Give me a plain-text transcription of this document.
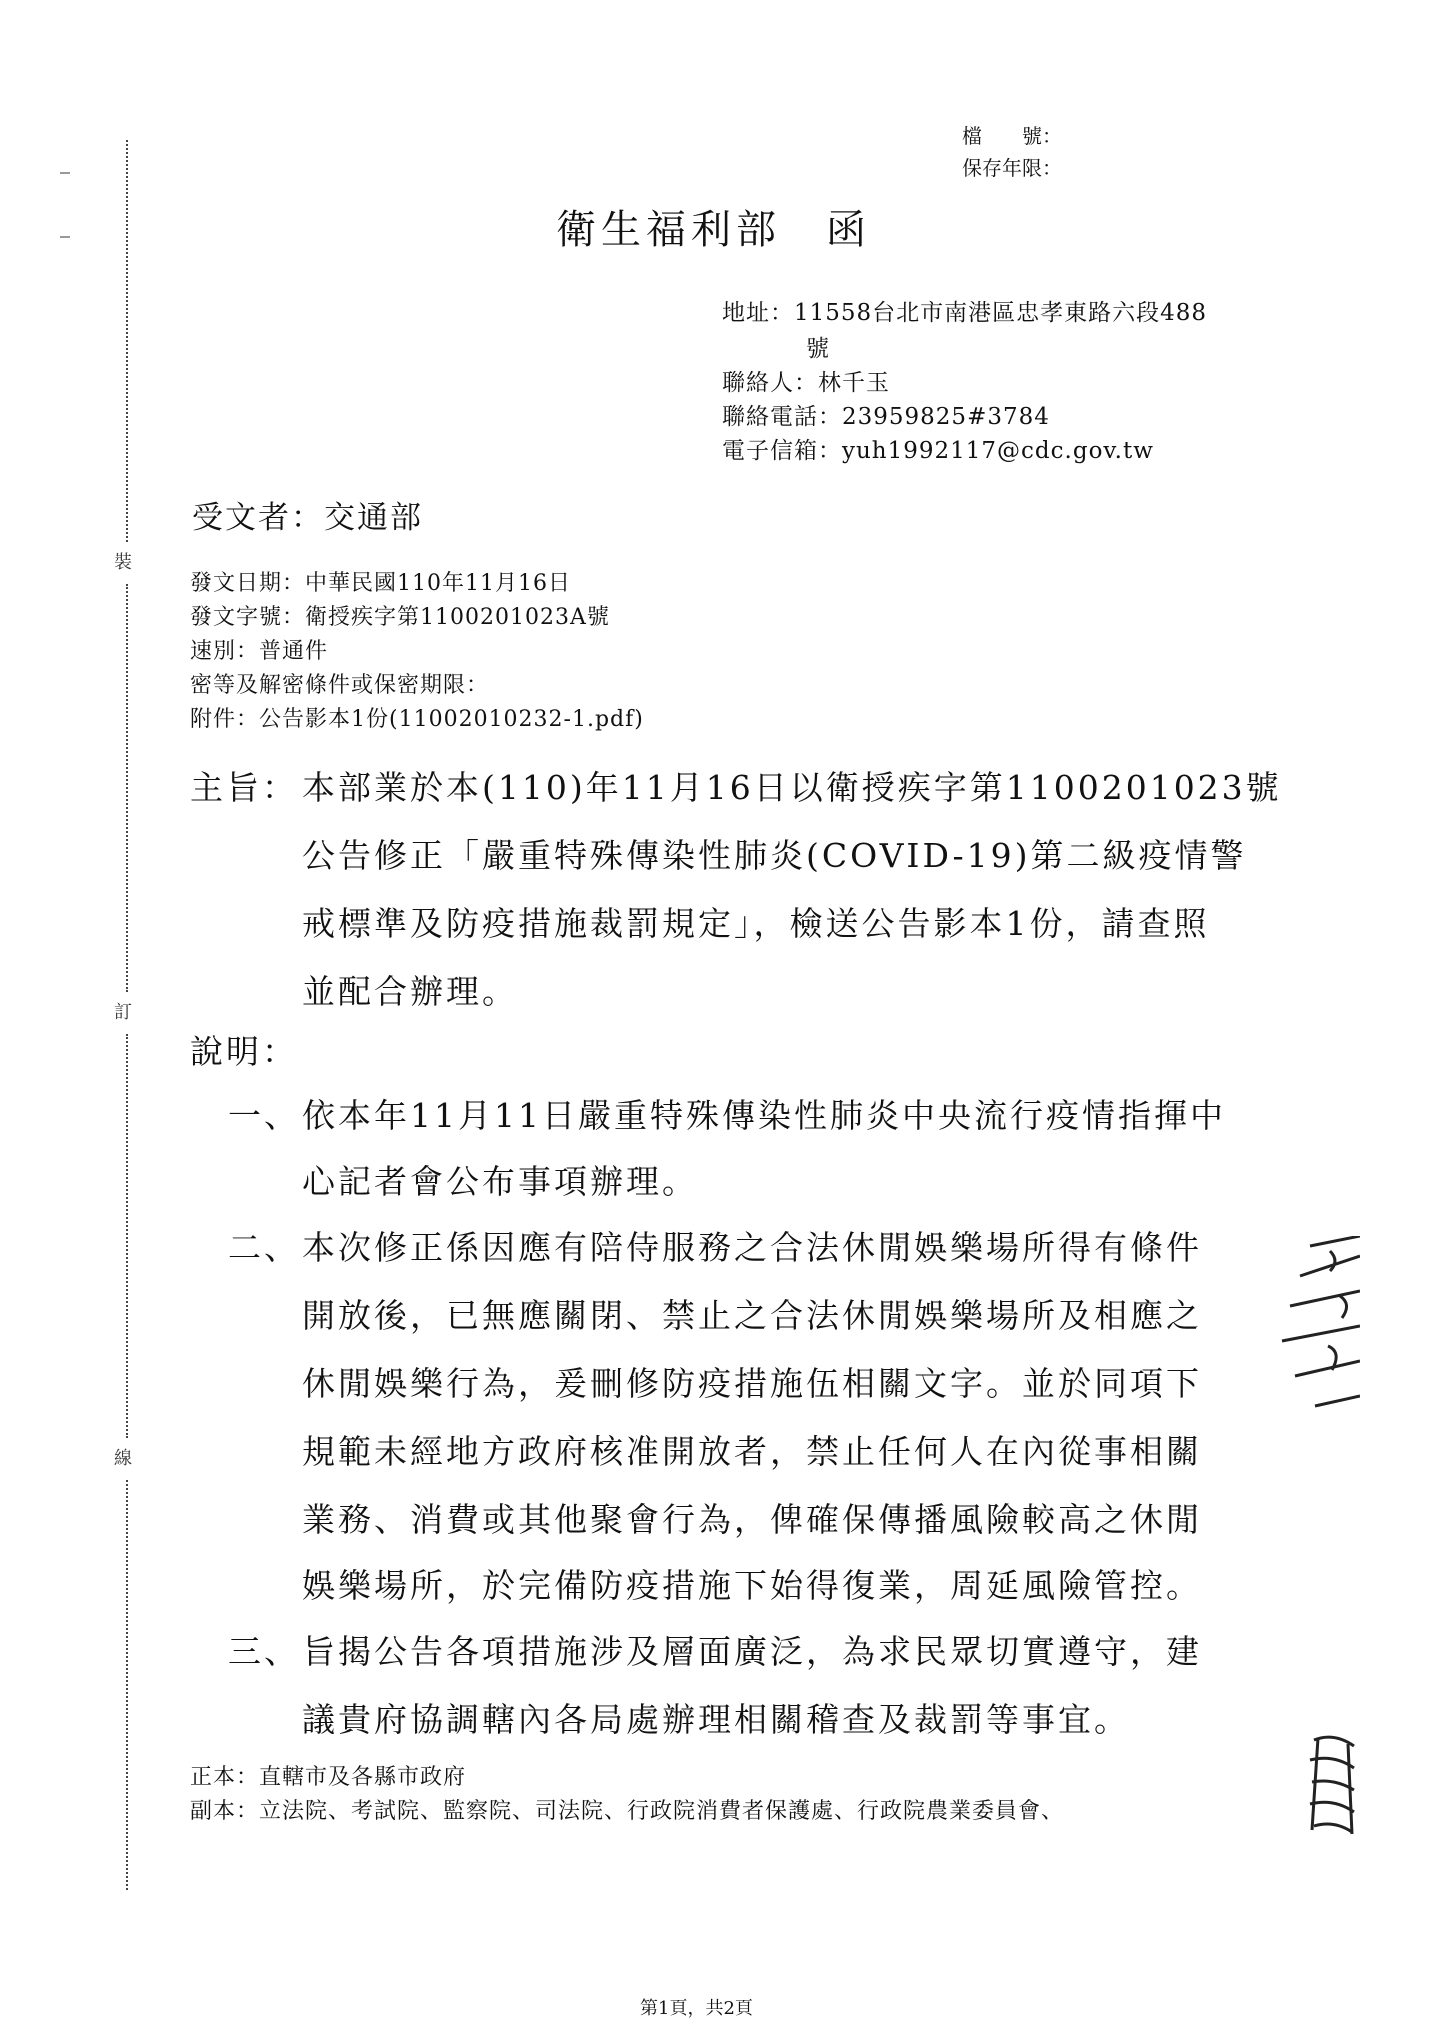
裝
訂
線
檔　　號：
保存年限：
衛生福利部　函
地址：11558台北市南港區忠孝東路六段488
號
聯絡人：林千玉
聯絡電話：23959825#3784
電子信箱：yuh1992117@cdc.gov.tw
受文者：交通部
發文日期：中華民國110年11月16日
發文字號：衛授疾字第1100201023A號
速別：普通件
密等及解密條件或保密期限：
附件：公告影本1份(11002010232-1.pdf)
主旨： 本部業於本(110)年11月16日以衛授疾字第1100201023號
公告修正「嚴重特殊傳染性肺炎(COVID-19)第二級疫情警
戒標準及防疫措施裁罰規定」，檢送公告影本1份，請查照
並配合辦理。
說明：
一、 依本年11月11日嚴重特殊傳染性肺炎中央流行疫情指揮中
心記者會公布事項辦理。
二、 本次修正係因應有陪侍服務之合法休閒娛樂場所得有條件
開放後，已無應關閉、禁止之合法休閒娛樂場所及相應之
休閒娛樂行為，爰刪修防疫措施伍相關文字。並於同項下
規範未經地方政府核准開放者，禁止任何人在內從事相關
業務、消費或其他聚會行為，俾確保傳播風險較高之休閒
娛樂場所，於完備防疫措施下始得復業，周延風險管控。
三、 旨揭公告各項措施涉及層面廣泛，為求民眾切實遵守，建
議貴府協調轄內各局處辦理相關稽查及裁罰等事宜。
正本：直轄市及各縣市政府
副本：立法院、考試院、監察院、司法院、行政院消費者保護處、行政院農業委員會、
第1頁，共2頁
